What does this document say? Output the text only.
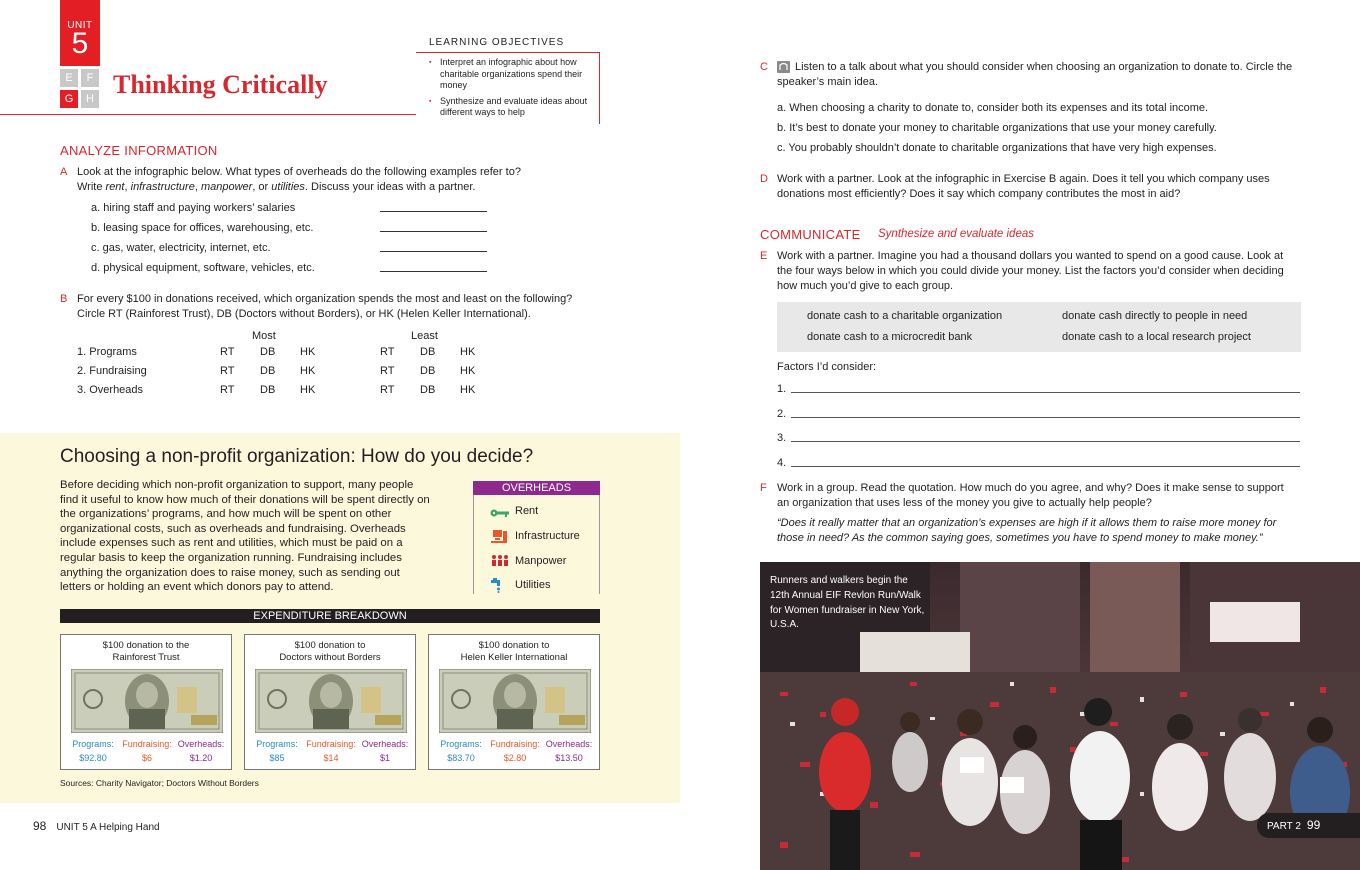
UNIT
5
E	F
G	H Thinking Critically
LEARNING OBJECTIVES
▪ Interpret an infographic about how charitable organizations spend their money
▪ Synthesize and evaluate ideas about different ways to help
ANALYZE INFORMATION
A Look at the infographic below. What types of overheads do the following examples refer to?
Write rent, infrastructure, manpower, or utilities. Discuss your ideas with a partner.
a. hiring staff and paying workers’ salaries
b. leasing space for offices, warehousing, etc.
c. gas, water, electricity, internet, etc.
d. physical equipment, software, vehicles, etc.
B For every $100 in donations received, which organization spends the most and least on the following?
Circle RT (Rainforest Trust), DB (Doctors without Borders), or HK (Helen Keller International).
Most	Least
1. Programs	RT DB HK	RT DB HK
2. Fundraising	RT DB HK	RT DB HK
3. Overheads	RT DB HK	RT DB HK
Choosing a non-profit organization: How do you decide?
Before deciding which non-profit organization to support, many people find it useful to know how much of their donations will be spent directly on the organizations’ programs, and how much will be spent on other organizational costs, such as overheads and fundraising. Overheads include expenses such as rent and utilities, which must be paid on a regular basis to keep the organization running. Fundraising includes anything the organization does to raise money, such as sending out letters or holding an event which donors pay to attend.
OVERHEADS
Rent
Infrastructure
Manpower
Utilities
EXPENDITURE BREAKDOWN
$100 donation to the
Rainforest Trust
Programs: Fundraising: Overheads:
$92.80	$6	$1.20
$100 donation to
Doctors without Borders
Programs: Fundraising: Overheads:
$85	$14	$1
$100 donation to
Helen Keller International
Programs: Fundraising: Overheads:
$83.70	$2.80	$13.50
Sources: Charity Navigator; Doctors Without Borders
98 UNIT 5 A Helping Hand
C	Listen to a talk about what you should consider when choosing an organization to donate to. Circle the
speaker’s main idea.
a. When choosing a charity to donate to, consider both its expenses and its total income.
b. It’s best to donate your money to charitable organizations that use your money carefully.
c. You probably shouldn’t donate to charitable organizations that have very high expenses.
D Work with a partner. Look at the infographic in Exercise B again. Does it tell you which company uses
donations most efficiently? Does it say which company contributes the most in aid?
COMMUNICATE Synthesize and evaluate ideas
E Work with a partner. Imagine you had a thousand dollars you wanted to spend on a good cause. Look at
the four ways below in which you could divide your money. List the factors you’d consider when deciding
how much you’d give to each group.
donate cash to a charitable organization	donate cash directly to people in need
donate cash to a microcredit bank	donate cash to a local research project
Factors I’d consider:
1.
2.
3.
4.
F Work in a group. Read the quotation. How much do you agree, and why? Does it make sense to support
an organization that uses less of the money you give to actually help people?
“Does it really matter that an organization’s expenses are high if it allows them to raise more money for those in need? As the common saying goes, sometimes you have to spend money to make money.”
Runners and walkers begin the 12th Annual EIF Revlon Run/Walk for Women fundraiser in New York, U.S.A.
PART 2 99
